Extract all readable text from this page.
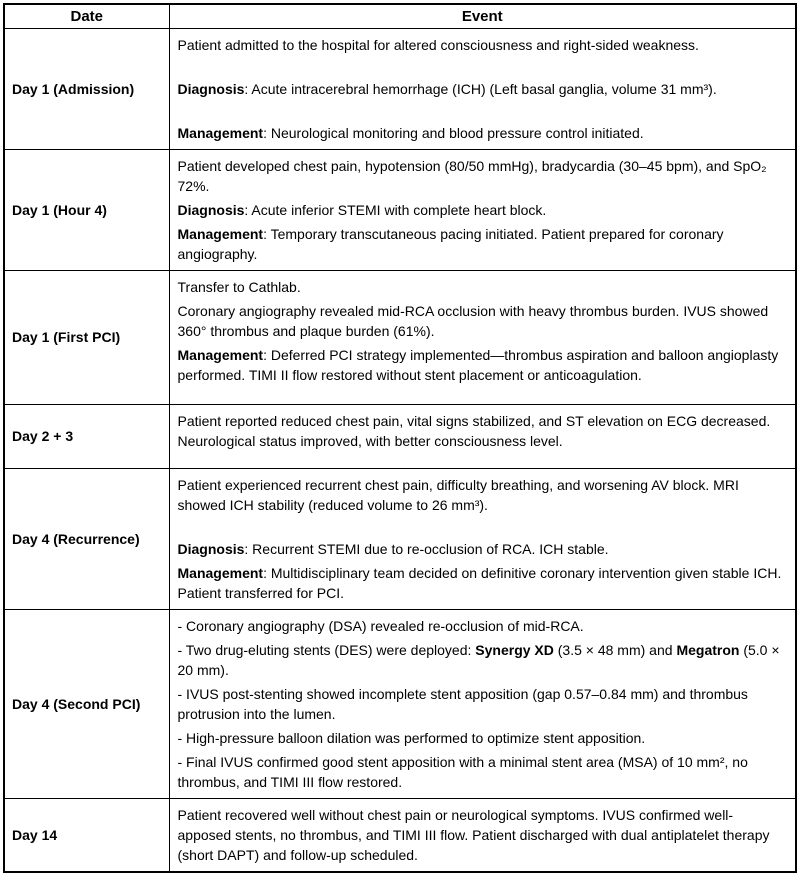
Date	Event
Day 1 (Admission)	Patient admitted to the hospital for altered consciousness and right-sided weakness.

Diagnosis: Acute intracerebral hemorrhage (ICH) (Left basal ganglia, volume 31 mm³).

Management: Neurological monitoring and blood pressure control initiated.

Day 1 (Hour 4)	Patient developed chest pain, hypotension (80/50 mmHg), bradycardia (30–45 bpm), and SpO₂ 72%.

Diagnosis: Acute inferior STEMI with complete heart block.

Management: Temporary transcutaneous pacing initiated. Patient prepared for coronary angiography.

Day 1 (First PCI)	Transfer to Cathlab.

Coronary angiography revealed mid-RCA occlusion with heavy thrombus burden. IVUS showed 360° thrombus and plaque burden (61%).

Management: Deferred PCI strategy implemented—thrombus aspiration and balloon angioplasty performed. TIMI II flow restored without stent placement or anticoagulation.

Day 2 + 3	Patient reported reduced chest pain, vital signs stabilized, and ST elevation on ECG decreased. Neurological status improved, with better consciousness level.

Day 4 (Recurrence)	Patient experienced recurrent chest pain, difficulty breathing, and worsening AV block. MRI showed ICH stability (reduced volume to 26 mm³).

Diagnosis: Recurrent STEMI due to re-occlusion of RCA. ICH stable.

Management: Multidisciplinary team decided on definitive coronary intervention given stable ICH. Patient transferred for PCI.

Day 4 (Second PCI)	- Coronary angiography (DSA) revealed re-occlusion of mid-RCA.

- Two drug-eluting stents (DES) were deployed: Synergy XD (3.5 × 48 mm) and Megatron (5.0 × 20 mm).

- IVUS post-stenting showed incomplete stent apposition (gap 0.57–0.84 mm) and thrombus protrusion into the lumen.

- High-pressure balloon dilation was performed to optimize stent apposition.

- Final IVUS confirmed good stent apposition with a minimal stent area (MSA) of 10 mm², no thrombus, and TIMI III flow restored.

Day 14	Patient recovered well without chest pain or neurological symptoms. IVUS confirmed well-apposed stents, no thrombus, and TIMI III flow. Patient discharged with dual antiplatelet therapy (short DAPT) and follow-up scheduled.
